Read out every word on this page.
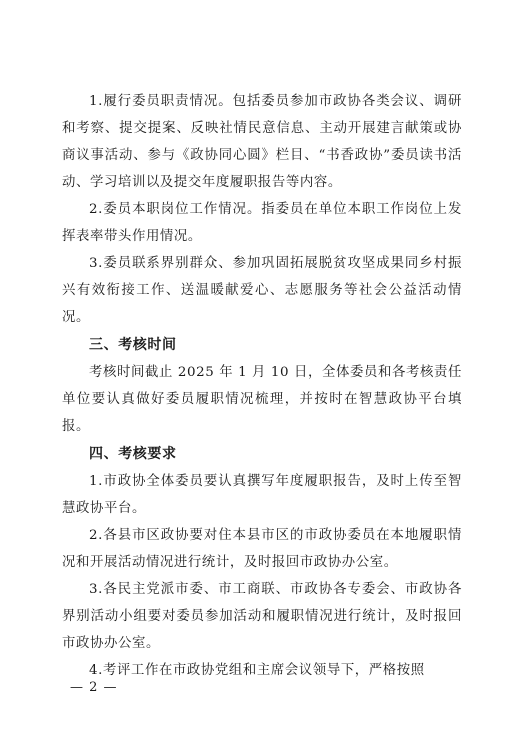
1.履行委员职责情况。包括委员参加市政协各类会议、调研和考察、提交提案、反映社情民意信息、主动开展建言献策或协商议事活动、参与《政协同心圆》栏目、“书香政协”委员读书活动、学习培训以及提交年度履职报告等内容。

2.委员本职岗位工作情况。指委员在单位本职工作岗位上发挥表率带头作用情况。

3.委员联系界别群众、参加巩固拓展脱贫攻坚成果同乡村振兴有效衔接工作、送温暖献爱心、志愿服务等社会公益活动情况。

三、考核时间

考核时间截止 2025 年 1 月 10 日，全体委员和各考核责任单位要认真做好委员履职情况梳理，并按时在智慧政协平台填报。

四、考核要求

1.市政协全体委员要认真撰写年度履职报告，及时上传至智慧政协平台。

2.各县市区政协要对住本县市区的市政协委员在本地履职情况和开展活动情况进行统计，及时报回市政协办公室。

3.各民主党派市委、市工商联、市政协各专委会、市政协各界别活动小组要对委员参加活动和履职情况进行统计，及时报回市政协办公室。

4.考评工作在市政协党组和主席会议领导下，严格按照

— 2 —
